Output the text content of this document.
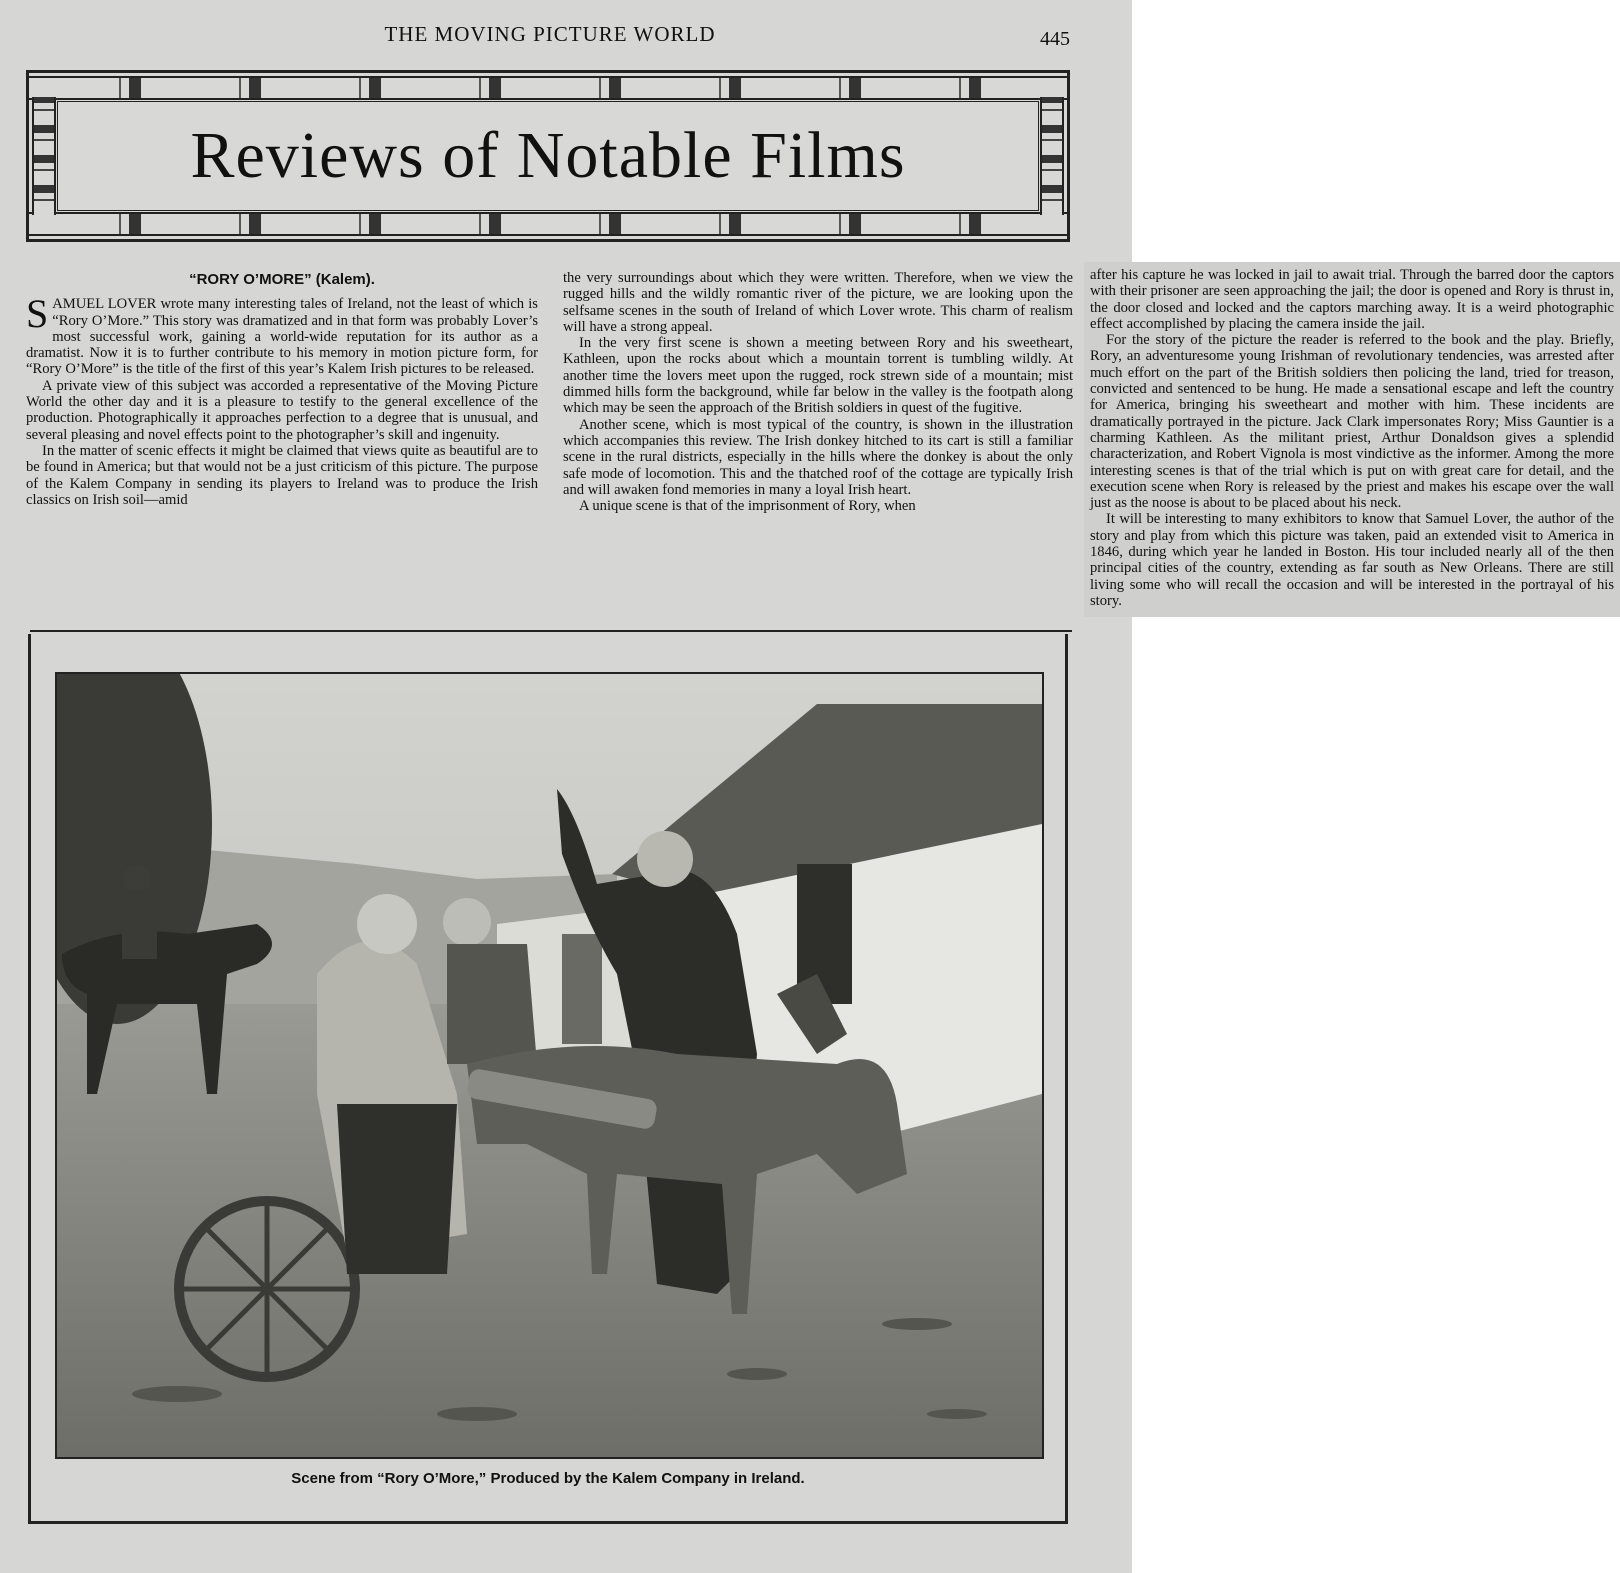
THE MOVING PICTURE WORLD	445
Reviews of Notable Films
“RORY O’MORE” (Kalem).

SAMUEL LOVER wrote many interesting tales of Ireland, not the least of which is “Rory O’More.” This story was dramatized and in that form was probably Lover’s most successful work, gaining a world-wide reputation for its author as a dramatist. Now it is to further contribute to his memory in motion picture form, for “Rory O’More” is the title of the first of this year’s Kalem Irish pictures to be released.

A private view of this subject was accorded a representative of the Moving Picture World the other day and it is a pleasure to testify to the general excellence of the production. Photographically it approaches perfection to a degree that is unusual, and several pleasing and novel effects point to the photographer’s skill and ingenuity.

In the matter of scenic effects it might be claimed that views quite as beautiful are to be found in America; but that would not be a just criticism of this picture. The purpose of the Kalem Company in sending its players to Ireland was to produce the Irish classics on Irish soil—amid

the very surroundings about which they were written. Therefore, when we view the rugged hills and the wildly romantic river of the picture, we are looking upon the selfsame scenes in the south of Ireland of which Lover wrote. This charm of realism will have a strong appeal.

In the very first scene is shown a meeting between Rory and his sweetheart, Kathleen, upon the rocks about which a mountain torrent is tumbling wildly. At another time the lovers meet upon the rugged, rock strewn side of a mountain; mist dimmed hills form the background, while far below in the valley is the footpath along which may be seen the approach of the British soldiers in quest of the fugitive.

Another scene, which is most typical of the country, is shown in the illustration which accompanies this review. The Irish donkey hitched to its cart is still a familiar scene in the rural districts, especially in the hills where the donkey is about the only safe mode of locomotion. This and the thatched roof of the cottage are typically Irish and will awaken fond memories in many a loyal Irish heart.

A unique scene is that of the imprisonment of Rory, when

Scene from “Rory O’More,” Produced by the Kalem Company in Ireland.

after his capture he was locked in jail to await trial. Through the barred door the captors with their prisoner are seen approaching the jail; the door is opened and Rory is thrust in, the door closed and locked and the captors marching away. It is a weird photographic effect accomplished by placing the camera inside the jail.

For the story of the picture the reader is referred to the book and the play. Briefly, Rory, an adventuresome young Irishman of revolutionary tendencies, was arrested after much effort on the part of the British soldiers then policing the land, tried for treason, convicted and sentenced to be hung. He made a sensational escape and left the country for America, bringing his sweetheart and mother with him. These incidents are dramatically portrayed in the picture. Jack Clark impersonates Rory; Miss Gauntier is a charming Kathleen. As the militant priest, Arthur Donaldson gives a splendid characterization, and Robert Vignola is most vindictive as the informer. Among the more interesting scenes is that of the trial which is put on with great care for detail, and the execution scene when Rory is released by the priest and makes his escape over the wall just as the noose is about to be placed about his neck.

It will be interesting to many exhibitors to know that Samuel Lover, the author of the story and play from which this picture was taken, paid an extended visit to America in 1846, during which year he landed in Boston. His tour included nearly all of the then principal cities of the country, extending as far south as New Orleans. There are still living some who will recall the occasion and will be interested in the portrayal of his story.
